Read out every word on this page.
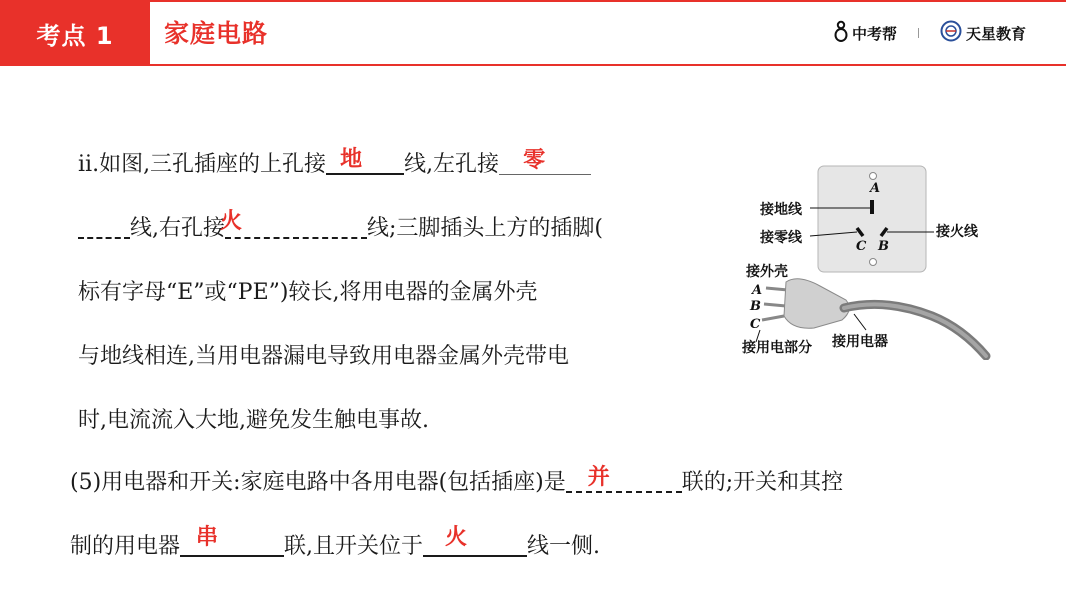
考点 1 家庭电路	中考帮	天星教育
ⅱ.如图,三孔插座的上孔接 地 线,左孔接 零
线,右孔接	线;三脚插头上方的插脚(
火
标有字母“E”或“PE”)较长,将用电器的金属外壳
与地线相连,当用电器漏电导致用电器金属外壳带电
时,电流流入大地,避免发生触电事故.
(5)用电器和开关:家庭电路中各用电器(包括插座)是 并	联的;开关和其控
制的用电器 串	联,且开关位于 火	线一侧.
A
C B
接地线
接零线	接火线
接外壳
A
B
C
接用电部分 接用电器
